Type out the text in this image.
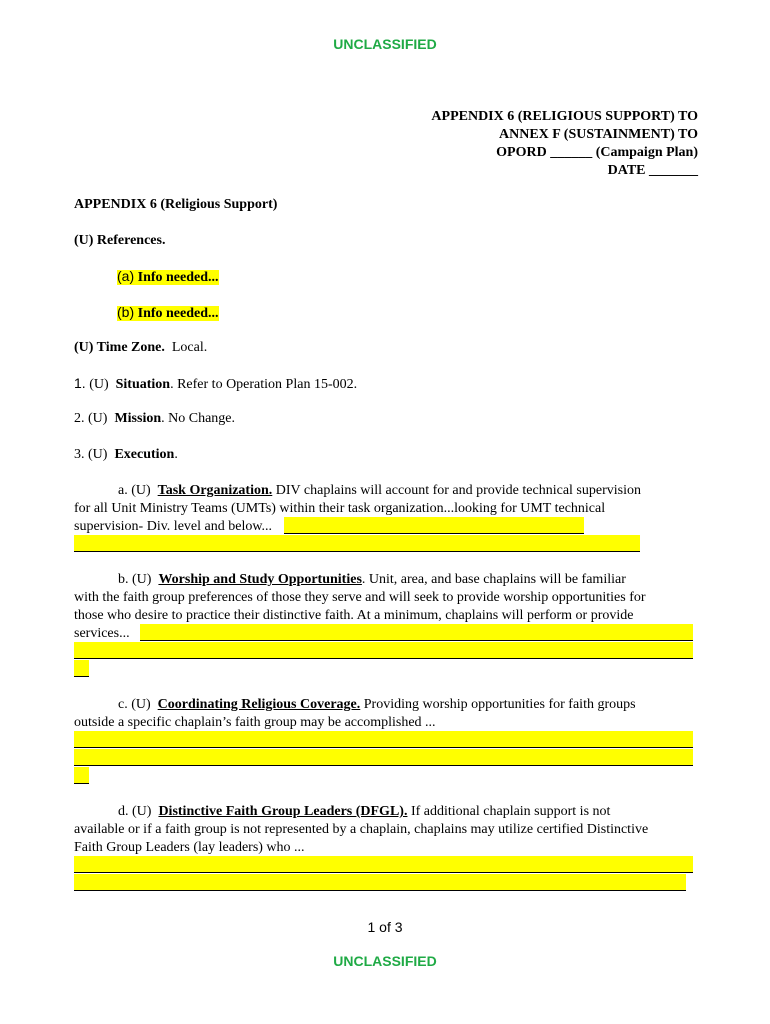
UNCLASSIFIED
APPENDIX 6 (RELIGIOUS SUPPORT) TO
ANNEX F (SUSTAINMENT) TO
OPORD ______ (Campaign Plan)
DATE _______
APPENDIX 6 (Religious Support)
(U) References.
(a) Info needed...
(b) Info needed...
(U) Time Zone. Local.
1. (U) Situation. Refer to Operation Plan 15-002.
2. (U) Mission. No Change.
3. (U) Execution.
a. (U) Task Organization. DIV chaplains will account for and provide technical supervision
for all Unit Ministry Teams (UMTs) within their task organization...looking for UMT technical
supervision- Div. level and below...
b. (U) Worship and Study Opportunities. Unit, area, and base chaplains will be familiar
with the faith group preferences of those they serve and will seek to provide worship opportunities for
those who desire to practice their distinctive faith. At a minimum, chaplains will perform or provide
services...
c. (U) Coordinating Religious Coverage. Providing worship opportunities for faith groups
outside a specific chaplain’s faith group may be accomplished ...
d. (U) Distinctive Faith Group Leaders (DFGL). If additional chaplain support is not
available or if a faith group is not represented by a chaplain, chaplains may utilize certified Distinctive
Faith Group Leaders (lay leaders) who ...
1 of 3
UNCLASSIFIED
